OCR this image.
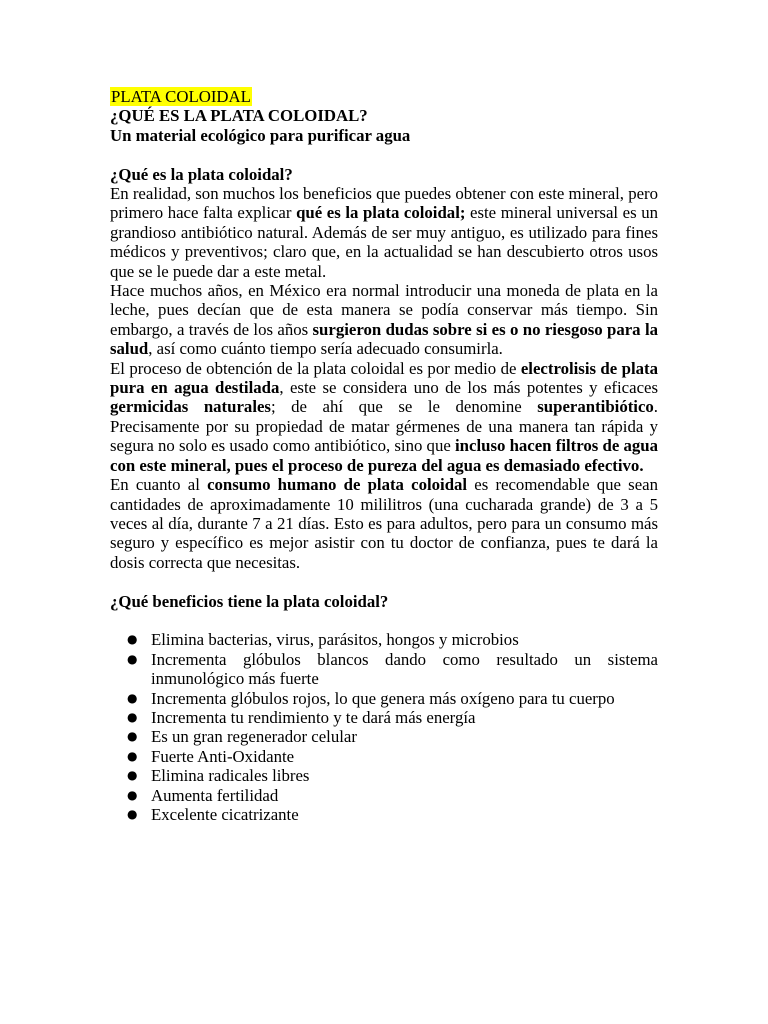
PLATA COLOIDAL

¿QUÉ ES LA PLATA COLOIDAL?

Un material ecológico para purificar agua

¿Qué es la plata coloidal?

En realidad, son muchos los beneficios que puedes obtener con este mineral, pero primero hace falta explicar qué es la plata coloidal; este mineral universal es un grandioso antibiótico natural. Además de ser muy antiguo, es utilizado para fines médicos y preventivos; claro que, en la actualidad se han descubierto otros usos que se le puede dar a este metal.

Hace muchos años, en México era normal introducir una moneda de plata en la leche, pues decían que de esta manera se podía conservar más tiempo. Sin embargo, a través de los años surgieron dudas sobre si es o no riesgoso para la salud, así como cuánto tiempo sería adecuado consumirla.

El proceso de obtención de la plata coloidal es por medio de electrolisis de plata pura en agua destilada, este se considera uno de los más potentes y eficaces germicidas naturales; de ahí que se le denomine superantibiótico. Precisamente por su propiedad de matar gérmenes de una manera tan rápida y segura no solo es usado como antibiótico, sino que incluso hacen filtros de agua con este mineral, pues el proceso de pureza del agua es demasiado efectivo.

En cuanto al consumo humano de plata coloidal es recomendable que sean cantidades de aproximadamente 10 mililitros (una cucharada grande) de 3 a 5 veces al día, durante 7 a 21 días. Esto es para adultos, pero para un consumo más seguro y específico es mejor asistir con tu doctor de confianza, pues te dará la dosis correcta que necesitas.

¿Qué beneficios tiene la plata coloidal?

● Elimina bacterias, virus, parásitos, hongos y microbios
● Incrementa glóbulos blancos dando como resultado un sistema inmunológico más fuerte
● Incrementa glóbulos rojos, lo que genera más oxígeno para tu cuerpo
● Incrementa tu rendimiento y te dará más energía
● Es un gran regenerador celular
● Fuerte Anti-Oxidante
● Elimina radicales libres
● Aumenta fertilidad
● Excelente cicatrizante
